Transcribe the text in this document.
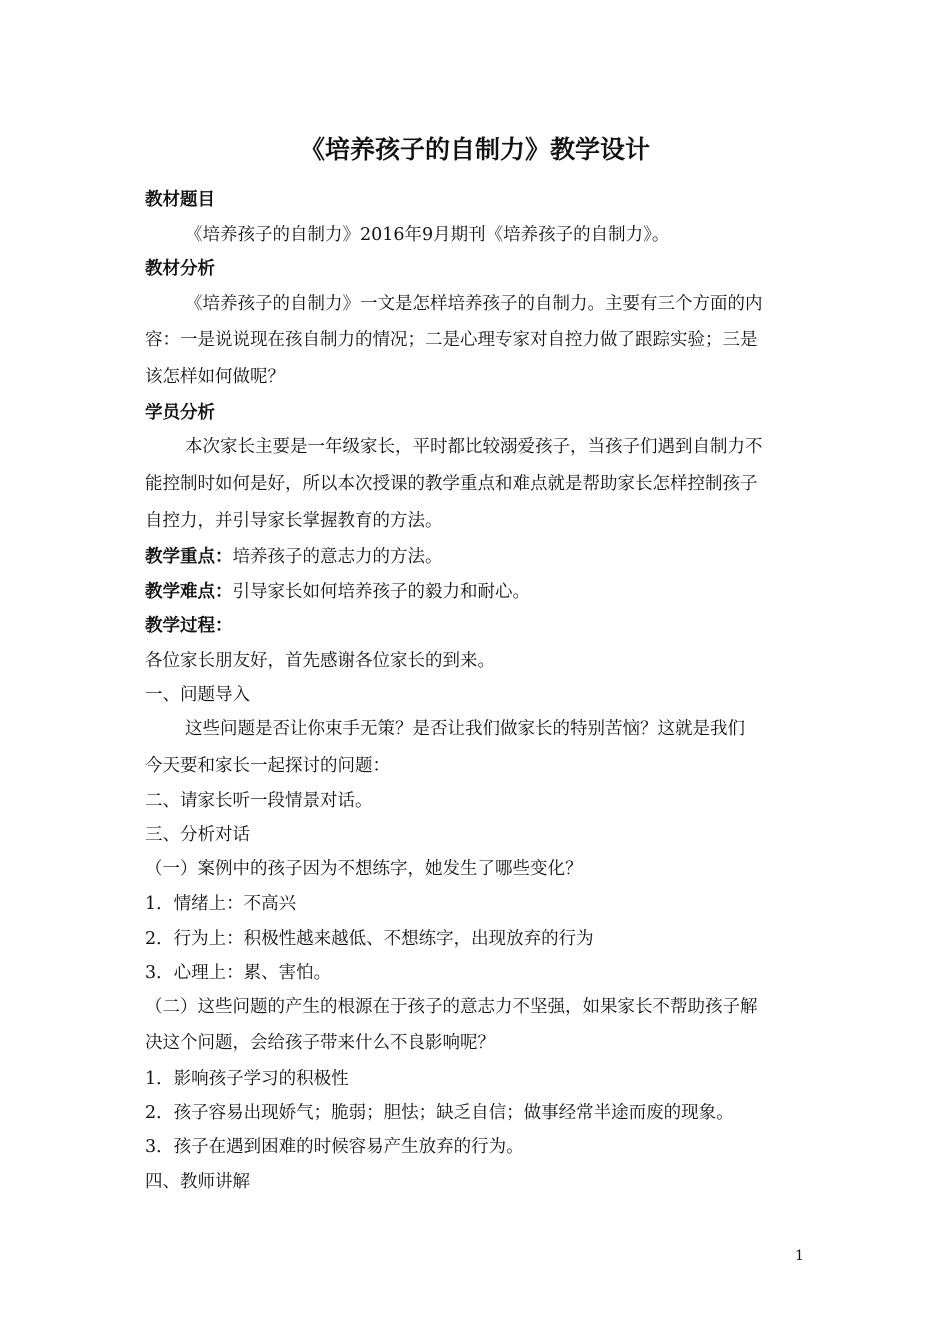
《培养孩子的自制力》教学设计
教材题目
《培养孩子的自制力》2016年9月期刊《培养孩子的自制力》。
教材分析
《培养孩子的自制力》一文是怎样培养孩子的自制力。主要有三个方面的内
容：一是说说现在孩自制力的情况；二是心理专家对自控力做了跟踪实验；三是
该怎样如何做呢？
学员分析
本次家长主要是一年级家长，平时都比较溺爱孩子，当孩子们遇到自制力不
能控制时如何是好，所以本次授课的教学重点和难点就是帮助家长怎样控制孩子
自控力，并引导家长掌握教育的方法。
教学重点：培养孩子的意志力的方法。
教学难点：引导家长如何培养孩子的毅力和耐心。
教学过程：
各位家长朋友好，首先感谢各位家长的到来。
一、问题导入
这些问题是否让你束手无策？是否让我们做家长的特别苦恼？这就是我们
今天要和家长一起探讨的问题：
二、请家长听一段情景对话。
三、分析对话
（一）案例中的孩子因为不想练字，她发生了哪些变化？
1．情绪上：不高兴
2．行为上：积极性越来越低、不想练字，出现放弃的行为
3．心理上：累、害怕。
（二）这些问题的产生的根源在于孩子的意志力不坚强，如果家长不帮助孩子解
决这个问题，会给孩子带来什么不良影响呢？
1．影响孩子学习的积极性
2．孩子容易出现娇气；脆弱；胆怯；缺乏自信；做事经常半途而废的现象。
3．孩子在遇到困难的时候容易产生放弃的行为。
四、教师讲解
1
